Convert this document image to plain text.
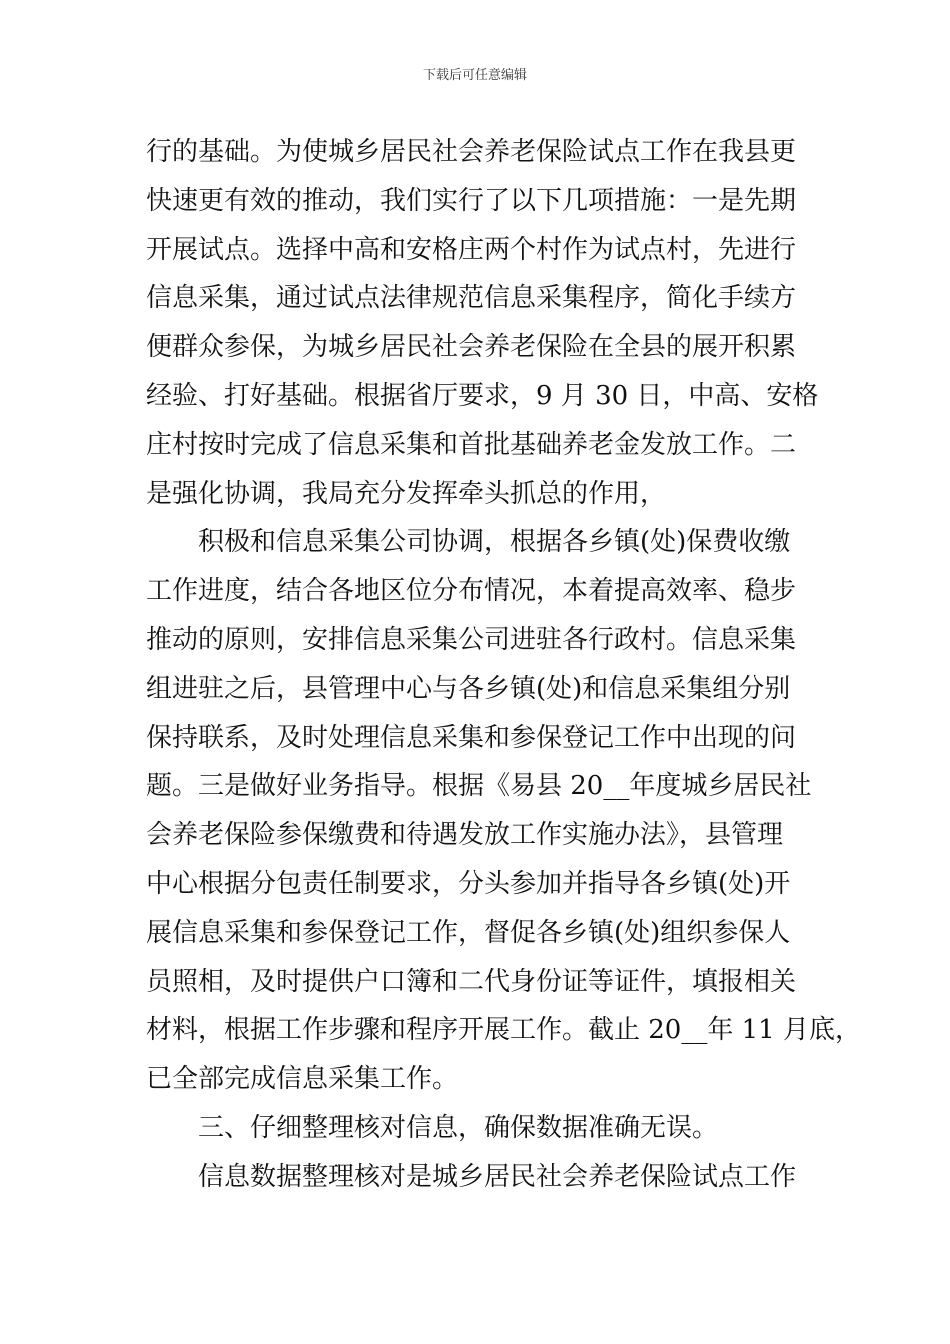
下载后可任意编辑
行的基础。为使城乡居民社会养老保险试点工作在我县更
快速更有效的推动，我们实行了以下几项措施：一是先期
开展试点。选择中高和安格庄两个村作为试点村，先进行
信息采集，通过试点法律规范信息采集程序，简化手续方
便群众参保，为城乡居民社会养老保险在全县的展开积累
经验、打好基础。根据省厅要求，9 月 30 日，中高、安格
庄村按时完成了信息采集和首批基础养老金发放工作。二
是强化协调，我局充分发挥牵头抓总的作用，
积极和信息采集公司协调，根据各乡镇(处)保费收缴
工作进度，结合各地区位分布情况，本着提高效率、稳步
推动的原则，安排信息采集公司进驻各行政村。信息采集
组进驻之后，县管理中心与各乡镇(处)和信息采集组分别
保持联系，及时处理信息采集和参保登记工作中出现的问
题。三是做好业务指导。根据《易县 20__年度城乡居民社
会养老保险参保缴费和待遇发放工作实施办法》，县管理
中心根据分包责任制要求，分头参加并指导各乡镇(处)开
展信息采集和参保登记工作，督促各乡镇(处)组织参保人
员照相，及时提供户口簿和二代身份证等证件，填报相关
材料，根据工作步骤和程序开展工作。截止 20__年 11 月底，
已全部完成信息采集工作。
三、仔细整理核对信息，确保数据准确无误。
信息数据整理核对是城乡居民社会养老保险试点工作
